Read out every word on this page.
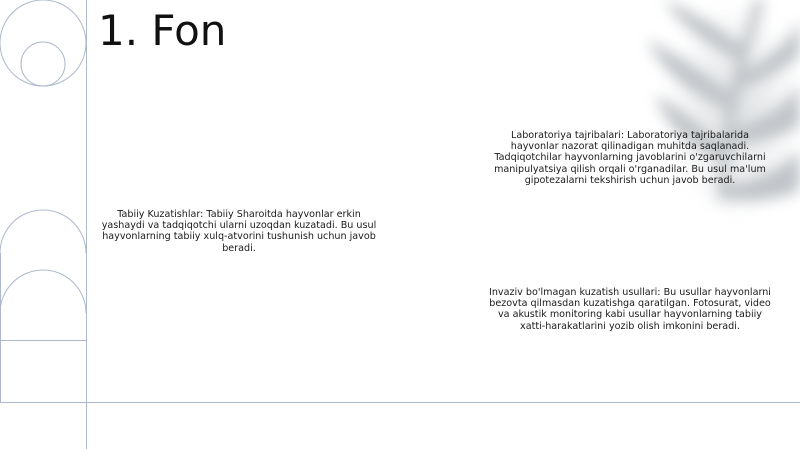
1. Fon

Laboratoriya tajribalari: Laboratoriya tajribalarida hayvonlar nazorat qilinadigan muhitda saqlanadi. Tadqiqotchilar hayvonlarning javoblarini o'zgaruvchilarni manipulyatsiya qilish orqali o'rganadilar. Bu usul ma'lum gipotezalarni tekshirish uchun javob beradi.

Tabiiy Kuzatishlar: Tabiiy Sharoitda hayvonlar erkin yashaydi va tadqiqotchi ularni uzoqdan kuzatadi. Bu usul hayvonlarning tabiiy xulq-atvorini tushunish uchun javob beradi.

Invaziv bo'lmagan kuzatish usullari: Bu usullar hayvonlarni bezovta qilmasdan kuzatishga qaratilgan. Fotosurat, video va akustik monitoring kabi usullar hayvonlarning tabiiy xatti-harakatlarini yozib olish imkonini beradi.
